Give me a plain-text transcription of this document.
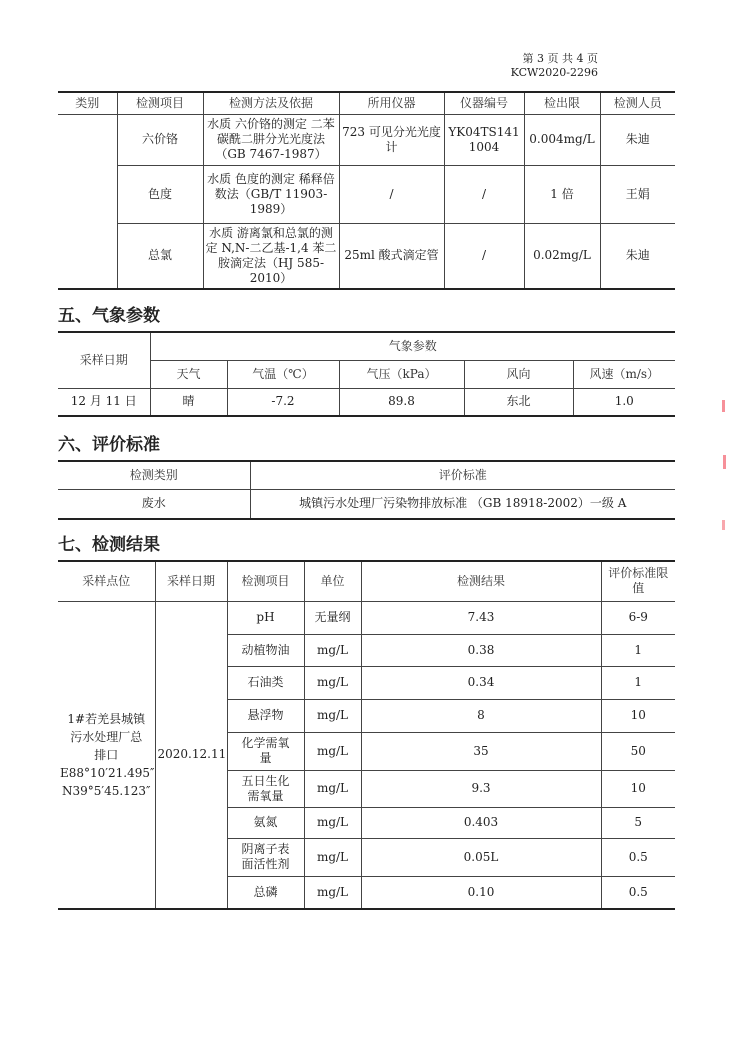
第 3 页 共 4 页
KCW2020-2296
类别	检测项目	检测方法及依据	所用仪器	仪器编号	检出限	检测人员
	六价铬	水质 六价铬的测定 二苯碳酰二肼分光光度法（GB 7467-1987）	723 可见分光光度计	YK04TS1411004	0.004mg/L	朱迪
	色度	水质 色度的测定 稀释倍数法（GB/T 11903-1989）	/	/	1 倍	王娟
	总氯	水质 游离氯和总氯的测定 N,N-二乙基-1,4 苯二胺滴定法（HJ 585-2010）	25ml 酸式滴定管	/	0.02mg/L	朱迪
五、气象参数
采样日期	气象参数				
	天气	气温（℃）	气压（kPa）	风向	风速（m/s）
12 月 11 日	晴	-7.2	89.8	东北	1.0
六、评价标准
检测类别	评价标准
废水	城镇污水处理厂污染物排放标准 （GB 18918-2002）一级 A
七、检测结果
采样点位	采样日期	检测项目	单位	检测结果	评价标准限值

1#若羌县城镇污水处理厂总排口
E88°10′21.495″
N39°5′45.123″	2020.12.11	pH	无量纲	7.43	6-9
		动植物油	mg/L	0.38	1
		石油类	mg/L	0.34	1
		悬浮物	mg/L	8	10
		化学需氧量	mg/L	35	50
		五日生化需氧量	mg/L	9.3	10
		氨氮	mg/L	0.403	5
		阴离子表面活性剂	mg/L	0.05L	0.5
		总磷	mg/L	0.10	0.5
